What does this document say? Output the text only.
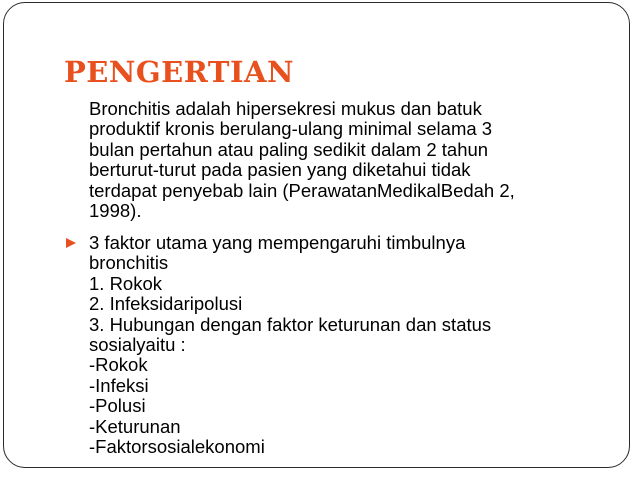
PENGERTIAN
Bronchitis adalah hipersekresi mukus dan batuk
produktif kronis berulang-ulang minimal selama 3
bulan pertahun atau paling sedikit dalam 2 tahun
berturut-turut pada pasien yang diketahui tidak
terdapat penyebab lain (PerawatanMedikalBedah 2,
1998).
3 faktor utama yang mempengaruhi timbulnya
bronchitis
1. Rokok
2. Infeksidaripolusi
3. Hubungan dengan faktor keturunan dan status
sosialyaitu :
-Rokok
-Infeksi
-Polusi
-Keturunan
-Faktorsosialekonomi
